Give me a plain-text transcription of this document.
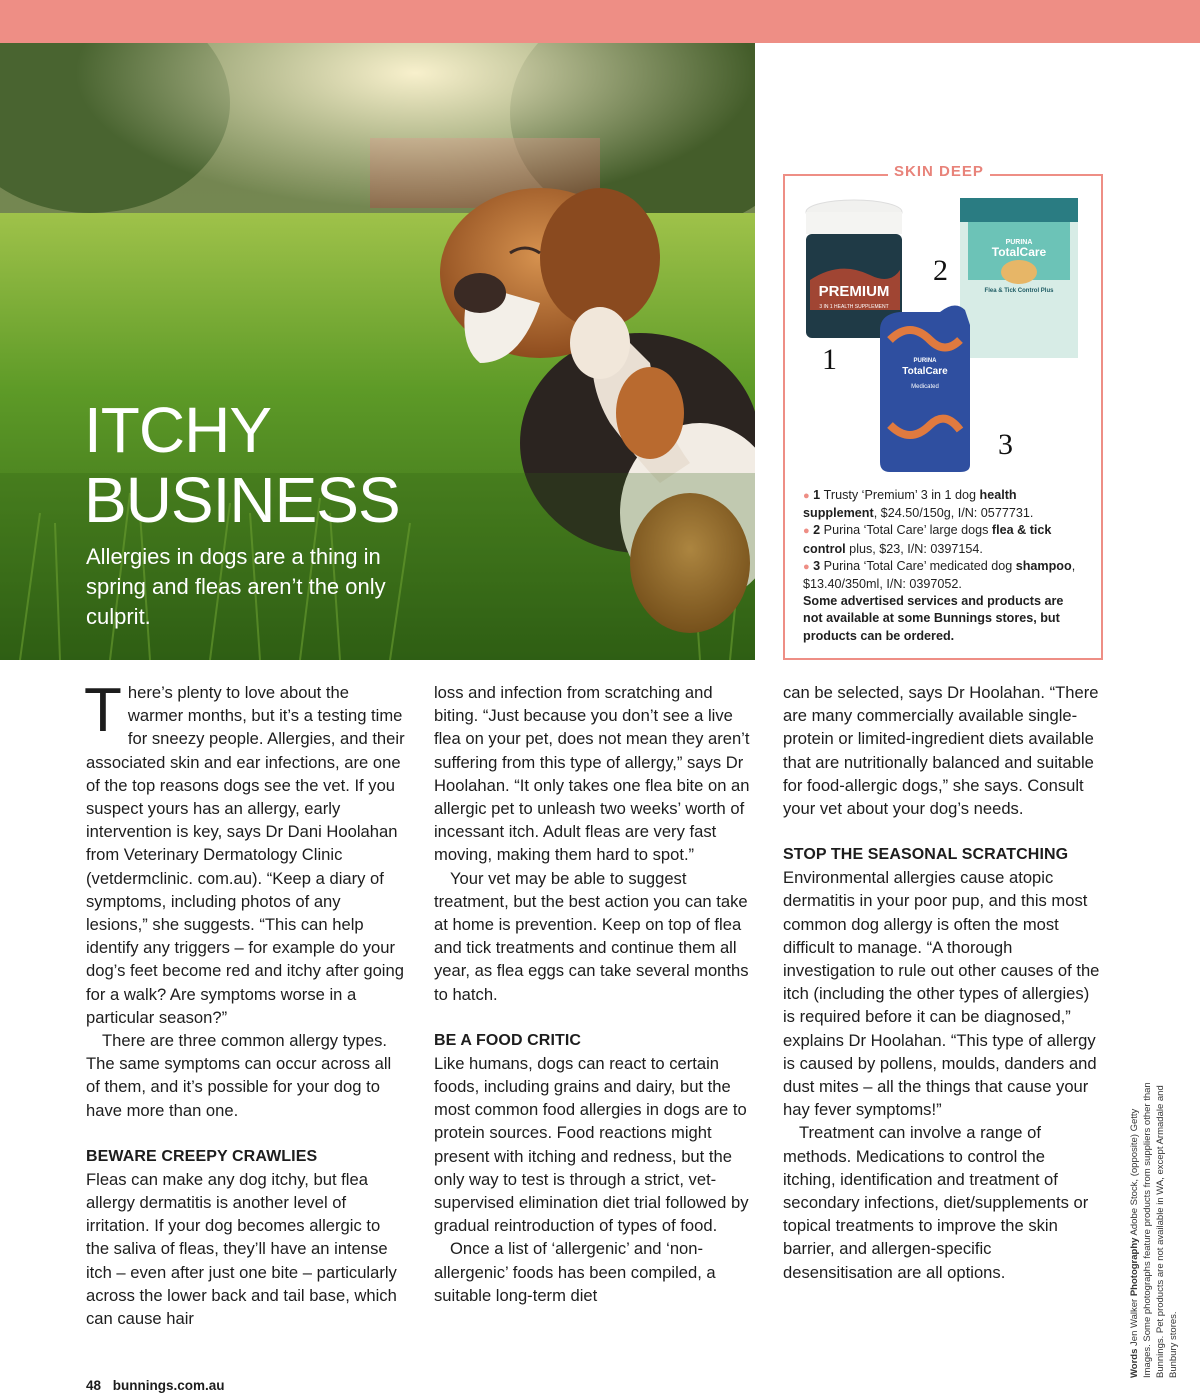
ITCHY
BUSINESS
Allergies in dogs are a thing in spring and fleas aren’t the only culprit.
SKIN DEEP
PREMIUM
3 IN 1 HEALTH SUPPLEMENT
PURINA
TotalCare
Flea & Tick Control Plus
PURINA
TotalCare
Medicated
1
2
3

● 1 Trusty ‘Premium’ 3 in 1 dog health supplement, $24.50/150g, I/N: 0577731.

● 2 Purina ‘Total Care’ large dogs flea & tick control plus, $23, I/N: 0397154.

● 3 Purina ‘Total Care’ medicated dog shampoo, $13.40/350ml, I/N: 0397052.

Some advertised services and products are not available at some Bunnings stores, but products can be ordered.

T here’s plenty to love about the warmer months, but it’s a testing time for sneezy people. Allergies, and their associated skin and ear infections, are one of the top reasons dogs see the vet. If you suspect yours has an allergy, early intervention is key, says Dr Dani Hoolahan from Veterinary Dermatology Clinic (vetdermclinic. com.au). “Keep a diary of symptoms, including photos of any lesions,” she suggests. “This can help identify any triggers – for example do your dog’s feet become red and itchy after going for a walk? Are symptoms worse in a particular season?”

There are three common allergy types. The same symptoms can occur across all of them, and it’s possible for your dog to have more than one.

BEWARE CREEPY CRAWLIES

Fleas can make any dog itchy, but flea allergy dermatitis is another level of irritation. If your dog becomes allergic to the saliva of fleas, they’ll have an intense itch – even after just one bite – particularly across the lower back and tail base, which can cause hair

loss and infection from scratching and biting. “Just because you don’t see a live flea on your pet, does not mean they aren’t suffering from this type of allergy,” says Dr Hoolahan. “It only takes one flea bite on an allergic pet to unleash two weeks’ worth of incessant itch. Adult fleas are very fast moving, making them hard to spot.”

Your vet may be able to suggest treatment, but the best action you can take at home is prevention. Keep on top of flea and tick treatments and continue them all year, as flea eggs can take several months to hatch.

BE A FOOD CRITIC

Like humans, dogs can react to certain foods, including grains and dairy, but the most common food allergies in dogs are to protein sources. Food reactions might present with itching and redness, but the only way to test is through a strict, vet-supervised elimination diet trial followed by gradual reintroduction of types of food.

Once a list of ‘allergenic’ and ‘non-allergenic’ foods has been compiled, a suitable long-term diet

can be selected, says Dr Hoolahan. “There are many commercially available single-protein or limited-ingredient diets available that are nutritionally balanced and suitable for food-allergic dogs,” she says. Consult your vet about your dog’s needs.

STOP THE SEASONAL SCRATCHING

Environmental allergies cause atopic dermatitis in your poor pup, and this most common dog allergy is often the most difficult to manage. “A thorough investigation to rule out other causes of the itch (including the other types of allergies) is required before it can be diagnosed,” explains Dr Hoolahan. “This type of allergy is caused by pollens, moulds, danders and dust mites – all the things that cause your hay fever symptoms!”

Treatment can involve a range of methods. Medications to control the itching, identification and treatment of secondary infections, diet/supplements or topical treatments to improve the skin barrier, and allergen-specific desensitisation are all options.

Words Jen Walker Photography Adobe Stock, (opposite) Getty Images. Some photographs feature products from suppliers other than Bunnings. Pet products are not available in WA, except Armadale and Bunbury stores.
48 bunnings.com.au
